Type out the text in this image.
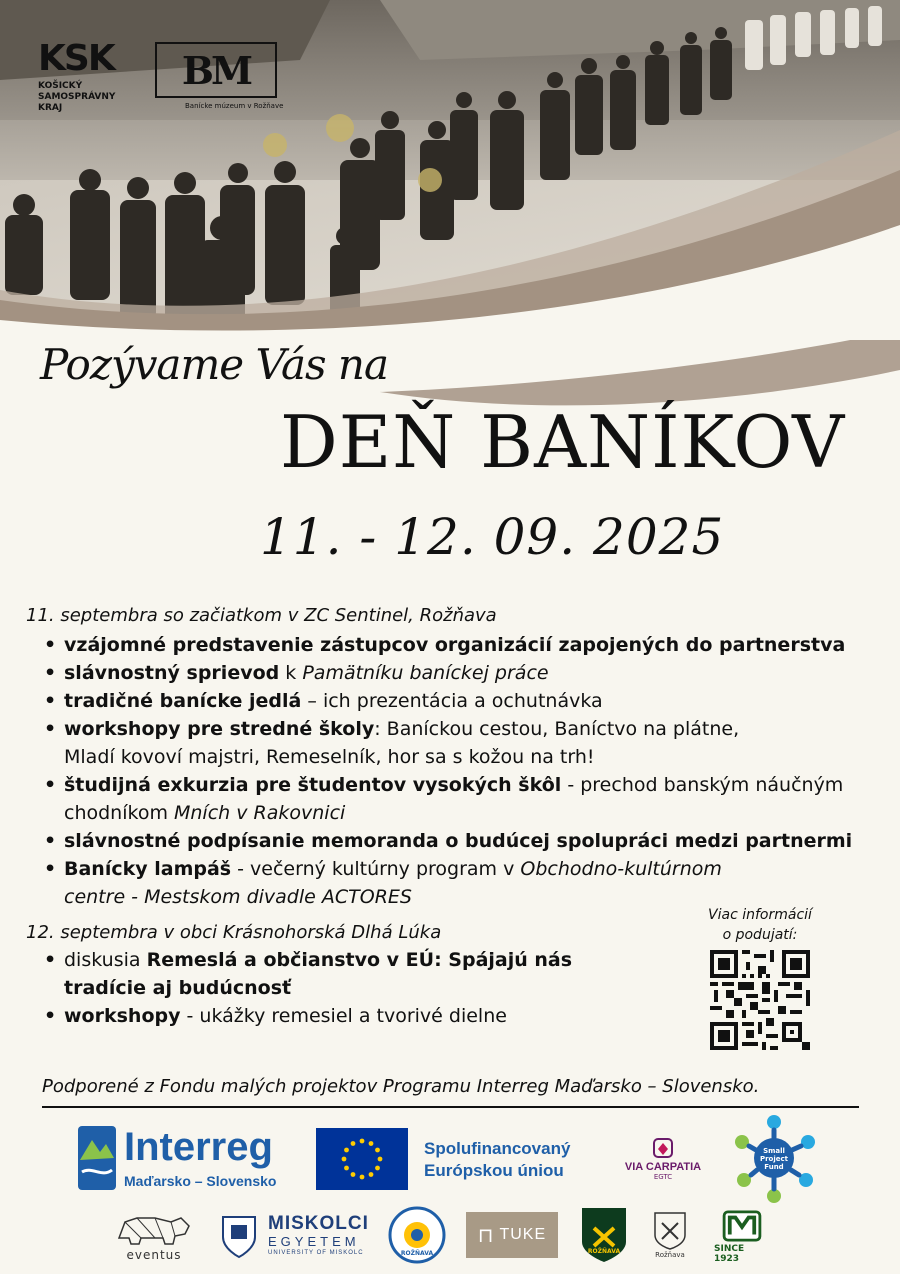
KSK
KOŠICKÝ
SAMOSPRÁVNY
KRAJ
BM
Banícke múzeum v Rožňave
Pozývame Vás na
DEŇ BANÍKOV
11. - 12. 09. 2025
11. septembra so začiatkom v ZC Sentinel, Rožňava
• vzájomné predstavenie zástupcov organizácií zapojených do partnerstva
• slávnostný sprievod k Pamätníku baníckej práce
• tradičné banícke jedlá – ich prezentácia a ochutnávka
• workshopy pre stredné školy: Baníckou cestou, Baníctvo na plátne,
Mladí kovoví majstri, Remeselník, hor sa s kožou na trh!
• študijná exkurzia pre študentov vysokých škôl - prechod banským náučným
chodníkom Mních v Rakovnici
• slávnostné podpísanie memoranda o budúcej spolupráci medzi partnermi
• Banícky lampáš - večerný kultúrny program v Obchodno-kultúrnom
centre - Mestskom divadle ACTORES
12. septembra v obci Krásnohorská Dlhá Lúka
• diskusia Remeslá a občianstvo v EÚ: Spájajú nás
tradície aj budúcnosť
• workshopy - ukážky remesiel a tvorivé dielne
Viac informácií
o podujatí:
Podporené z Fondu malých projektov Programu Interreg Maďarsko – Slovensko.
Interreg
Maďarsko – Slovensko
Spolufinancovaný
Európskou úniou	VIA CARPATIA
EGTC
Small
Project
Fund
eventus
MISKOLCI
EGYETEM
UNIVERSITY OF MISKOLC	ROŽŇAVA
⊓ TUKE
ROŽŇAVA	Rožňava
SINCE 1923
